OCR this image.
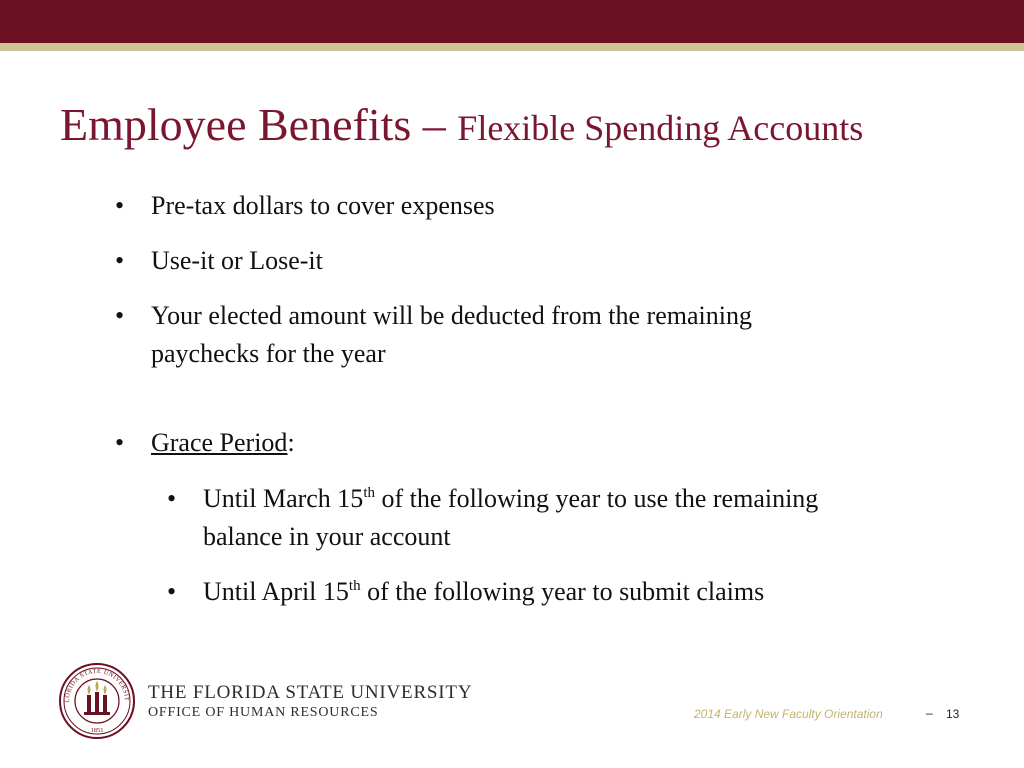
Employee Benefits – Flexible Spending Accounts
• Pre-tax dollars to cover expenses
• Use-it or Lose-it
• Your elected amount will be deducted from the remaining
paychecks for the year
• Grace Period:
• Until March 15th of the following year to use the remaining
balance in your account
• Until April 15th of the following year to submit claims
LORIDA STATE UNIVERSIT
1851
THE FLORIDA STATE UNIVERSITY
OFFICE OF HUMAN RESOURCES	2014 Early New Faculty Orientation	– 13
